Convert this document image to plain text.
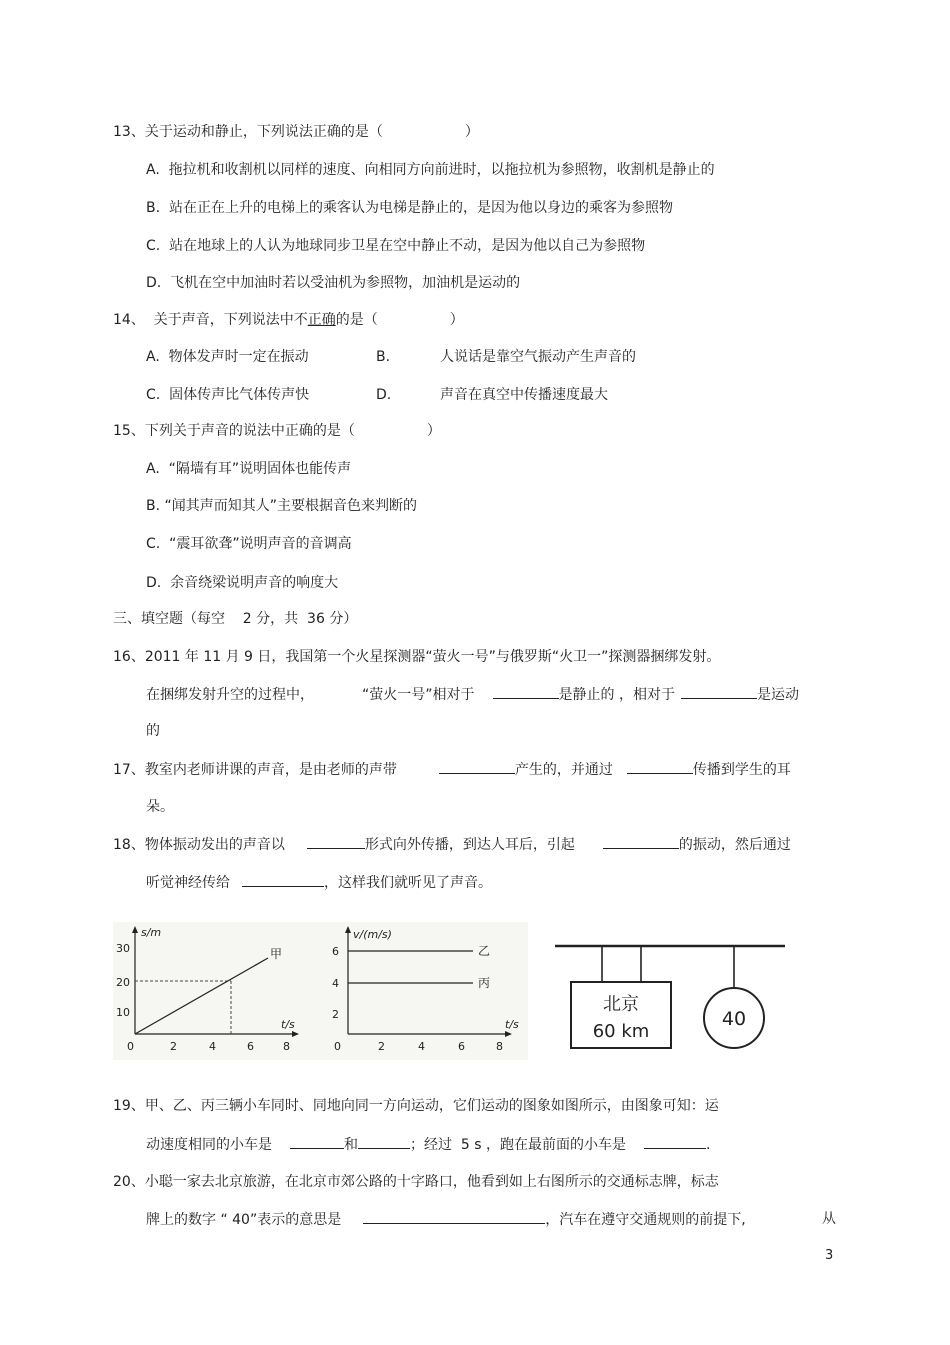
13、关于运动和静止，下列说法正确的是（	）
A.  拖拉机和收割机以同样的速度、向相同方向前进时，以拖拉机为参照物，收割机是静止的
B.  站在正在上升的电梯上的乘客认为电梯是静止的，是因为他以身边的乘客为参照物
C.  站在地球上的人认为地球同步卫星在空中静止不动，是因为他以自己为参照物
D.  飞机在空中加油时若以受油机为参照物，加油机是运动的
14、  关于声音，下列说法中不正确的是（	）
A.  物体发声时一定在振动	B.	人说话是靠空气振动产生声音的
C.  固体传声比气体传声快	D.	声音在真空中传播速度最大
15、下列关于声音的说法中正确的是（	）
A.  “隔墙有耳”说明固体也能传声
B. “闻其声而知其人”主要根据音色来判断的
C.  “震耳欲聋”说明声音的音调高
D.  余音绕梁说明声音的响度大
三、填空题（每空    2 分，共  36 分）
16、2011 年 11 月 9 日，我国第一个火星探测器“萤火一号”与俄罗斯“火卫一”探测器捆绑发射。
在捆绑发射升空的过程中，	“萤火一号”相对于	是静止的 ，相对于	是运动
的
17、教室内老师讲课的声音，是由老师的声带	产生的，并通过	传播到学生的耳
朵。
18、物体振动发出的声音以	形式向外传播，到达人耳后，引起	的振动，然后通过
听觉神经传给	，这样我们就听见了声音。
s/m
t/s
30
20
10
0	2	4	6	8
甲
v/(m/s)
t/s
6
4
2
0	2	4	6	8
乙
丙
北京
60 km
40
19、甲、乙、丙三辆小车同时、同地向同一方向运动，它们运动的图象如图所示，由图象可知：运
动速度相同的小车是	和	；经过  5 s ，跑在最前面的小车是	.
20、小聪一家去北京旅游，在北京市郊公路的十字路口，他看到如上右图所示的交通标志牌，标志
牌上的数字 “ 40”表示的意思是	，汽车在遵守交通规则的前提下,	从
3
